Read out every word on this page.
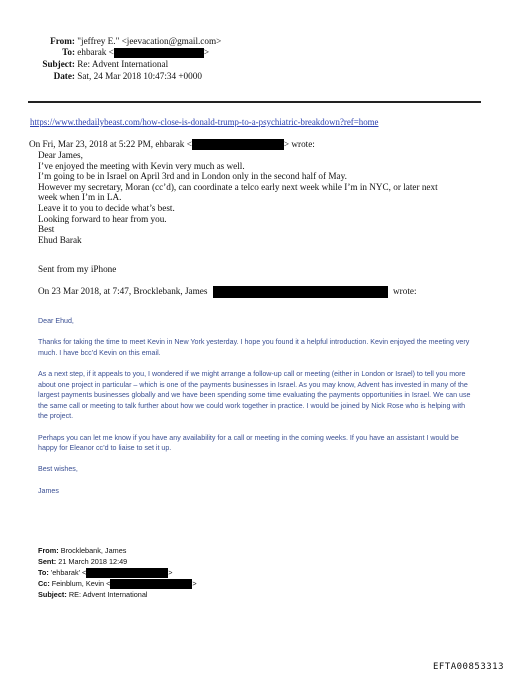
From: "jeffrey E." <jeevacation@gmail.com>
To: ehbarak <	>
Subject: Re: Advent International
Date: Sat, 24 Mar 2018 10:47:34 +0000
https://www.thedailybeast.com/how-close-is-donald-trump-to-a-psychiatric-breakdown?ref=home
On Fri, Mar 23, 2018 at 5:22 PM, ehbarak <	> wrote:
Dear James,
I’ve enjoyed the meeting with Kevin very much as well.
I’m going to be in Israel on April 3rd and in London only in the second half of May.
However my secretary, Moran (cc’d), can coordinate a telco early next week while I’m in NYC, or later next
week when I’m in LA.
Leave it to you to decide what’s best.
Looking forward to hear from you.
Best
Ehud Barak
Sent from my iPhone
On 23 Mar 2018, at 7:47, Brocklebank, James	wrote:

Dear Ehud,

Thanks for taking the time to meet Kevin in New York yesterday. I hope you found it a helpful introduction. Kevin enjoyed the meeting very much. I have bcc’d Kevin on this email.

As a next step, if it appeals to you, I wondered if we might arrange a follow-up call or meeting (either in London or Israel) to tell you more about one project in particular – which is one of the payments businesses in Israel. As you may know, Advent has invested in many of the largest payments businesses globally and we have been spending some time evaluating the payments opportunities in Israel. We can use the same call or meeting to talk further about how we could work together in practice. I would be joined by Nick Rose who is helping with the project.

Perhaps you can let me know if you have any availability for a call or meeting in the coming weeks. If you have an assistant I would be happy for Eleanor cc’d to liaise to set it up.

Best wishes,

James

From: Brocklebank, James
Sent: 21 March 2018 12:49
To: 'ehbarak' <	>
Cc: Feinblum, Kevin <	>
Subject: RE: Advent International
EFTA00853313
